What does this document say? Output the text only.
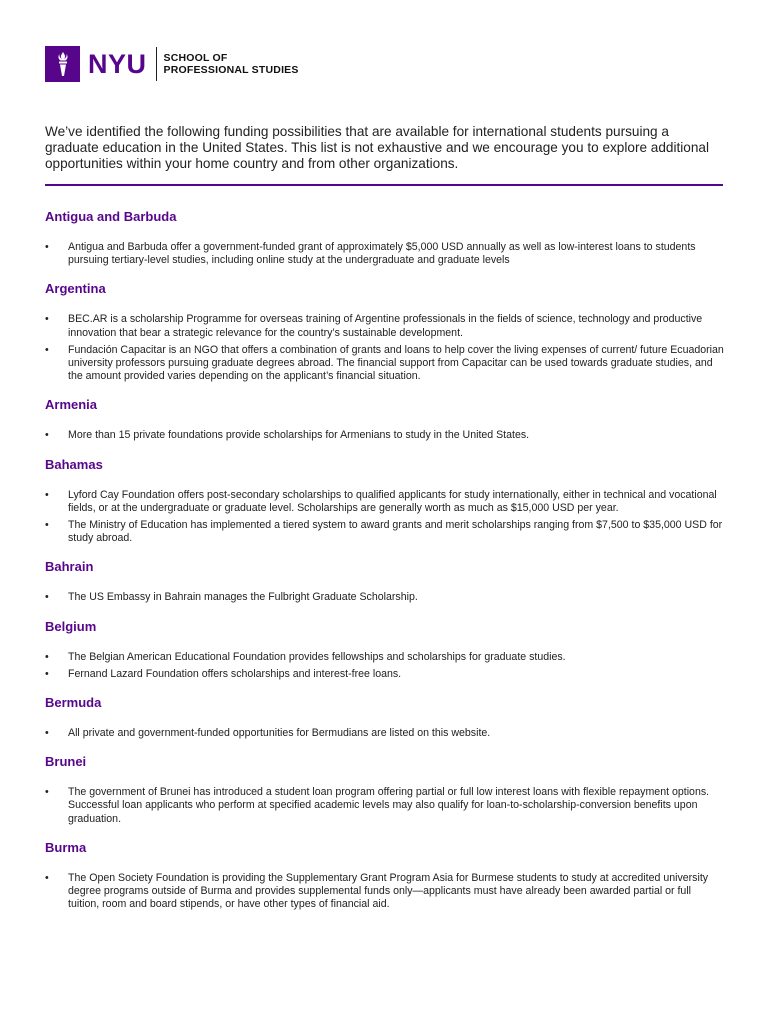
NYU SCHOOL OF
PROFESSIONAL STUDIES

We’ve identified the following funding possibilities that are available for international students pursuing a graduate education in the United States. This list is not exhaustive and we encourage you to explore additional opportunities within your home country and from other organizations.

Antigua and Barbuda
• Antigua and Barbuda offer a government-funded grant of approximately $5,000 USD annually as well as low-interest loans to students pursuing tertiary-level studies, including online study at the undergraduate and graduate levels
Argentina
• BEC.AR is a scholarship Programme for overseas training of Argentine professionals in the fields of science, technology and productive innovation that bear a strategic relevance for the country’s sustainable development.
• Fundación Capacitar is an NGO that offers a combination of grants and loans to help cover the living expenses of current/ future Ecuadorian university professors pursuing graduate degrees abroad. The financial support from Capacitar can be used towards graduate studies, and the amount provided varies depending on the applicant’s financial situation.
Armenia
• More than 15 private foundations provide scholarships for Armenians to study in the United States.
Bahamas
• Lyford Cay Foundation offers post-secondary scholarships to qualified applicants for study internationally, either in technical and vocational fields, or at the undergraduate or graduate level. Scholarships are generally worth as much as $15,000 USD per year.
• The Ministry of Education has implemented a tiered system to award grants and merit scholarships ranging from $7,500 to $35,000 USD for study abroad.
Bahrain
• The US Embassy in Bahrain manages the Fulbright Graduate Scholarship.
Belgium
• The Belgian American Educational Foundation provides fellowships and scholarships for graduate studies.
• Fernand Lazard Foundation offers scholarships and interest-free loans.
Bermuda
• All private and government-funded opportunities for Bermudians are listed on this website.
Brunei
• The government of Brunei has introduced a student loan program offering partial or full low interest loans with flexible repayment options. Successful loan applicants who perform at specified academic levels may also qualify for loan-to-scholarship-conversion benefits upon graduation.
Burma
• The Open Society Foundation is providing the Supplementary Grant Program Asia for Burmese students to study at accredited university degree programs outside of Burma and provides supplemental funds only—applicants must have already been awarded partial or full tuition, room and board stipends, or have other types of financial aid.
